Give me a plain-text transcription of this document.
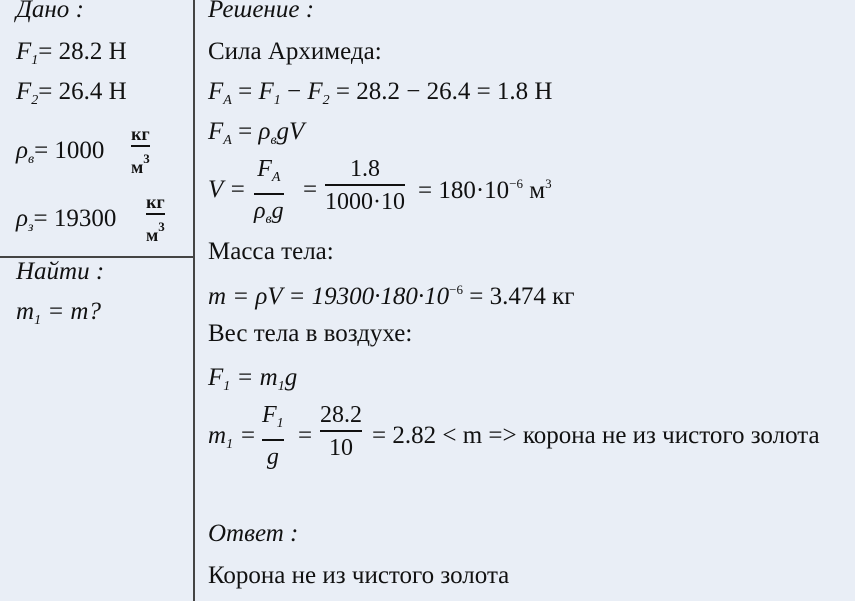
Дано :
$F_1= 28.2$ Н
$F_2= 26.4$ Н
$\rho_в= 1000$
кг
$м^3$
$\rho_з= 19300$
кг
$м^3$
Найти :
$m_1 = m$?
Решение :
Сила Архимеда:
$F_A = F_1 - F_2 = 28.2 - 26.4 = 1.8$ Н
$F_A = \rho_вgV$
V =
$F_A$
$\rho_вg$
=
1.8
$1000\cdot 10 = 180\cdot 10^{-6}$ $м^3$
Масса тела:
$m = \rho V = 19300\cdot 180\cdot 10^{-6} = 3.474$ кг
Вес тела в воздухе:
$F_1 = m_1g$
$m_1$ =
$F_1$
g
=
28.2
10 = 2.82 < m => корона не из чистого золота
Ответ :
Корона не из чистого золота
